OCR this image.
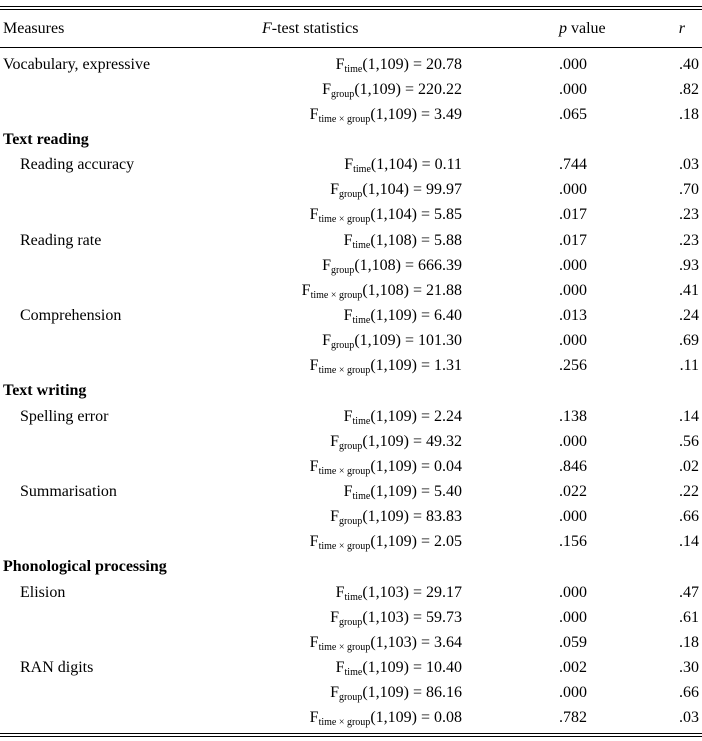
Measures	F-test statistics	p value	r
Vocabulary, expressive	$F_{time}(1,109) = 20.78$	.000	.40
	$F_{group}(1,109) = 220.22$	.000	.82
	$F_{time \times group}(1,109) = 3.49$	.065	.18
Text reading			
Reading accuracy	$F_{time}(1,104) = 0.11$	.744	.03
	$F_{group}(1,104) = 99.97$	.000	.70
	$F_{time \times group}(1,104) = 5.85$	.017	.23
Reading rate	$F_{time}(1,108) = 5.88$	.017	.23
	$F_{group}(1,108) = 666.39$	.000	.93
	$F_{time \times group}(1,108) = 21.88$	.000	.41
Comprehension	$F_{time}(1,109) = 6.40$	.013	.24
	$F_{group}(1,109) = 101.30$	.000	.69
	$F_{time \times group}(1,109) = 1.31$	.256	.11
Text writing			
Spelling error	$F_{time}(1,109) = 2.24$	.138	.14
	$F_{group}(1,109) = 49.32$	.000	.56
	$F_{time \times group}(1,109) = 0.04$	.846	.02
Summarisation	$F_{time}(1,109) = 5.40$	.022	.22
	$F_{group}(1,109) = 83.83$	.000	.66
	$F_{time \times group}(1,109) = 2.05$	.156	.14
Phonological processing			
Elision	$F_{time}(1,103) = 29.17$	.000	.47
	$F_{group}(1,103) = 59.73$	.000	.61
	$F_{time \times group}(1,103) = 3.64$	.059	.18
RAN digits	$F_{time}(1,109) = 10.40$	.002	.30
	$F_{group}(1,109) = 86.16$	.000	.66
	$F_{time \times group}(1,109) = 0.08$	.782	.03
